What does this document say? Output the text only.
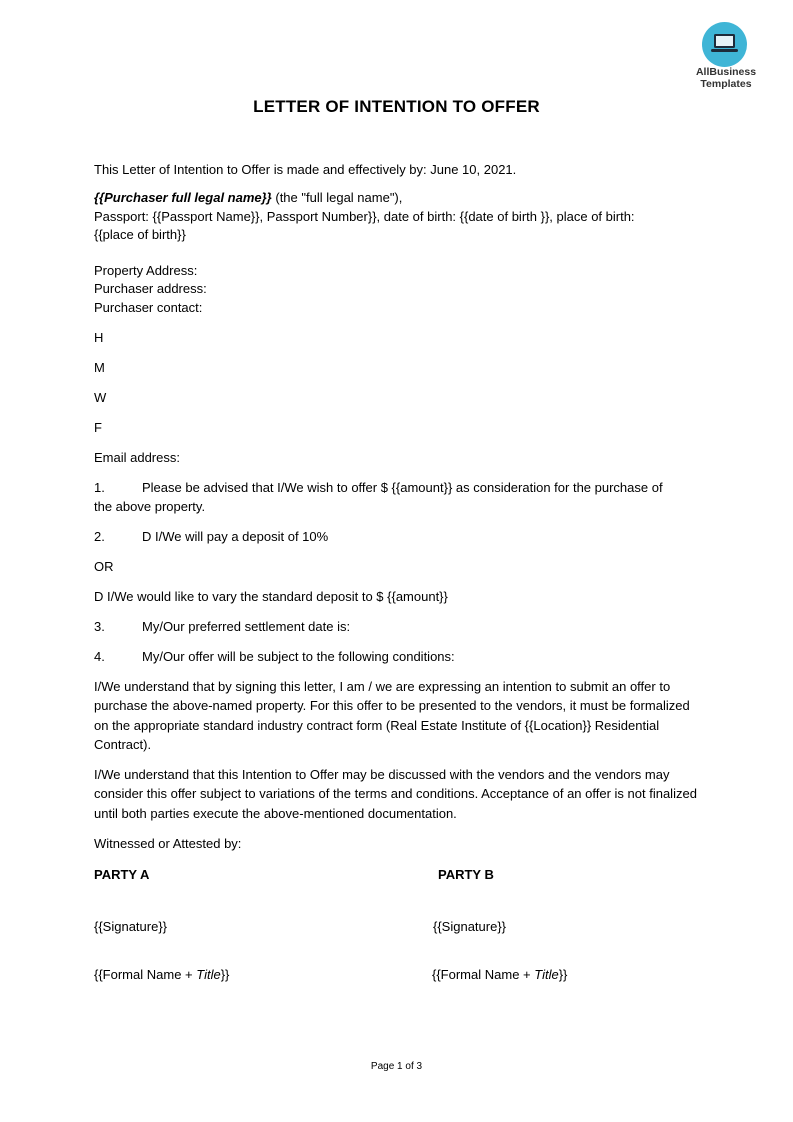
AllBusiness
Templates
LETTER OF INTENTION TO OFFER
This Letter of Intention to Offer is made and effectively by: June 10, 2021.
{{Purchaser full legal name}} (the "full legal name"),
Passport: {{Passport Name}}, Passport Number}}, date of birth: {{date of birth }}, place of birth:
{{place of birth}}
Property Address:
Purchaser address:
Purchaser contact:
H
M
W
F
Email address:
1.	Please be advised that I/We wish to offer $ {{amount}} as consideration for the purchase of
the above property.
2.	D I/We will pay a deposit of 10%
OR
D I/We would like to vary the standard deposit to $ {{amount}}
3.	My/Our preferred settlement date is:
4.	My/Our offer will be subject to the following conditions:
I/We understand that by signing this letter, I am / we are expressing an intention to submit an offer to purchase the above-named property. For this offer to be presented to the vendors, it must be formalized on the appropriate standard industry contract form (Real Estate Institute of {{Location}} Residential Contract).
I/We understand that this Intention to Offer may be discussed with the vendors and the vendors may consider this offer subject to variations of the terms and conditions. Acceptance of an offer is not finalized until both parties execute the above-mentioned documentation.
Witnessed or Attested by:
PARTY A	PARTY B
{{Signature}}	{{Signature}}
{{Formal Name + Title}}	{{Formal Name + Title}}
Page 1 of 3
